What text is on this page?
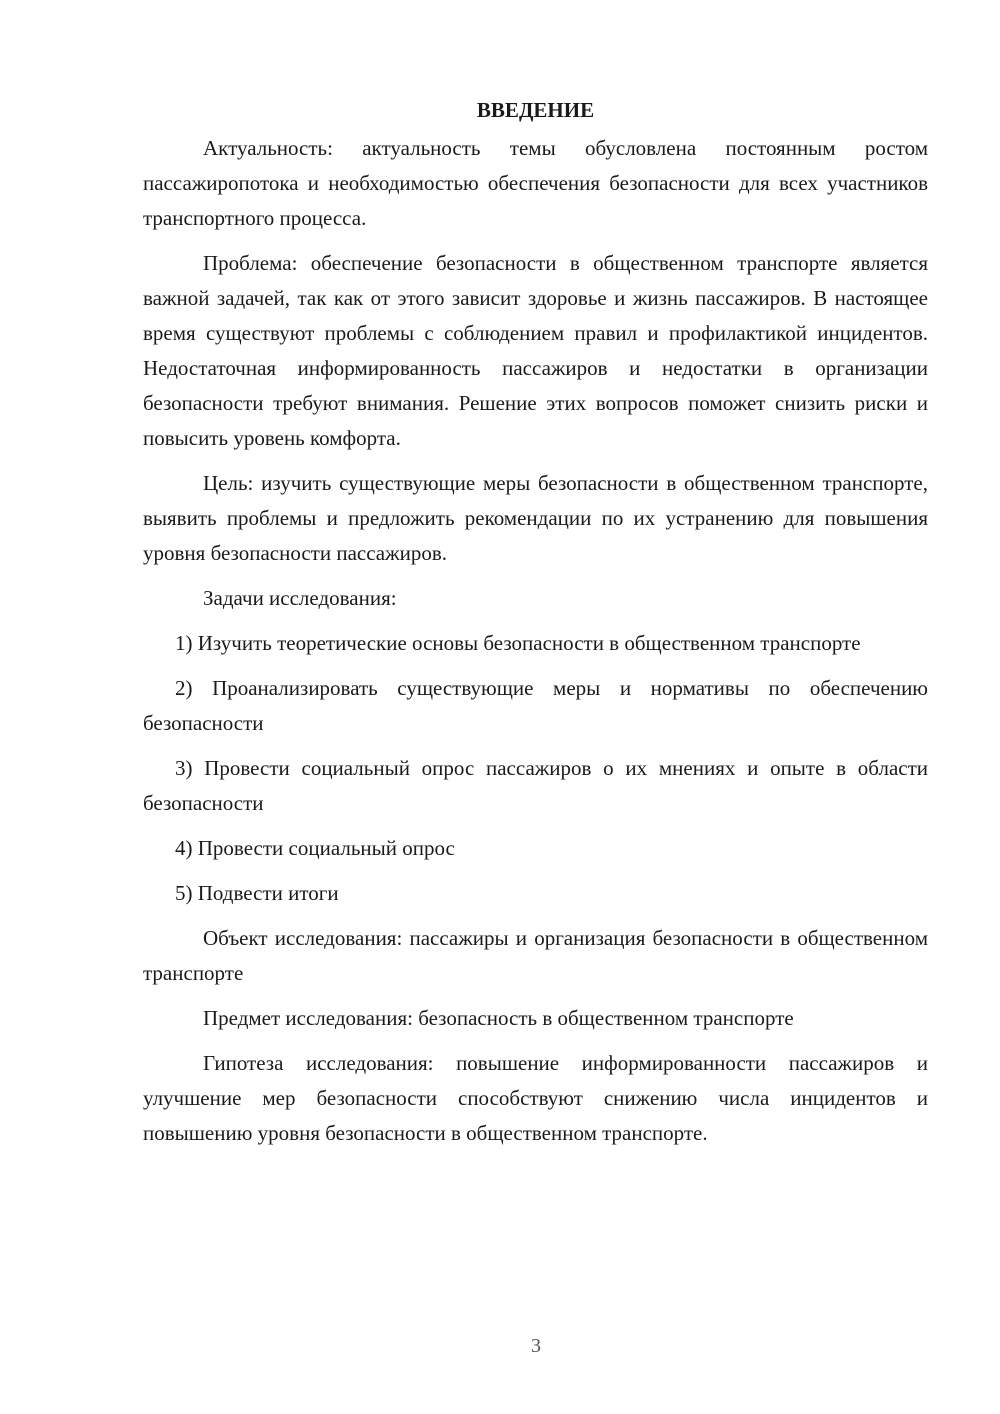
ВВЕДЕНИЕ

Актуальность: актуальность темы обусловлена постоянным ростом пассажиропотока и необходимостью обеспечения безопасности для всех участников транспортного процесса.

Проблема: обеспечение безопасности в общественном транспорте является важной задачей, так как от этого зависит здоровье и жизнь пассажиров. В настоящее время существуют проблемы с соблюдением правил и профилактикой инцидентов. Недостаточная информированность пассажиров и недостатки в организации безопасности требуют внимания. Решение этих вопросов поможет снизить риски и повысить уровень комфорта.

Цель: изучить существующие меры безопасности в общественном транспорте, выявить проблемы и предложить рекомендации по их устранению для повышения уровня безопасности пассажиров.

Задачи исследования:

1) Изучить теоретические основы безопасности в общественном транспорте

2) Проанализировать существующие меры и нормативы по обеспечению безопасности

3) Провести социальный опрос пассажиров о их мнениях и опыте в области безопасности

4) Провести социальный опрос

5) Подвести итоги

Объект исследования: пассажиры и организация безопасности в общественном транспорте

Предмет исследования: безопасность в общественном транспорте

Гипотеза исследования: повышение информированности пассажиров и улучшение мер безопасности способствуют снижению числа инцидентов и повышению уровня безопасности в общественном транспорте.

3
